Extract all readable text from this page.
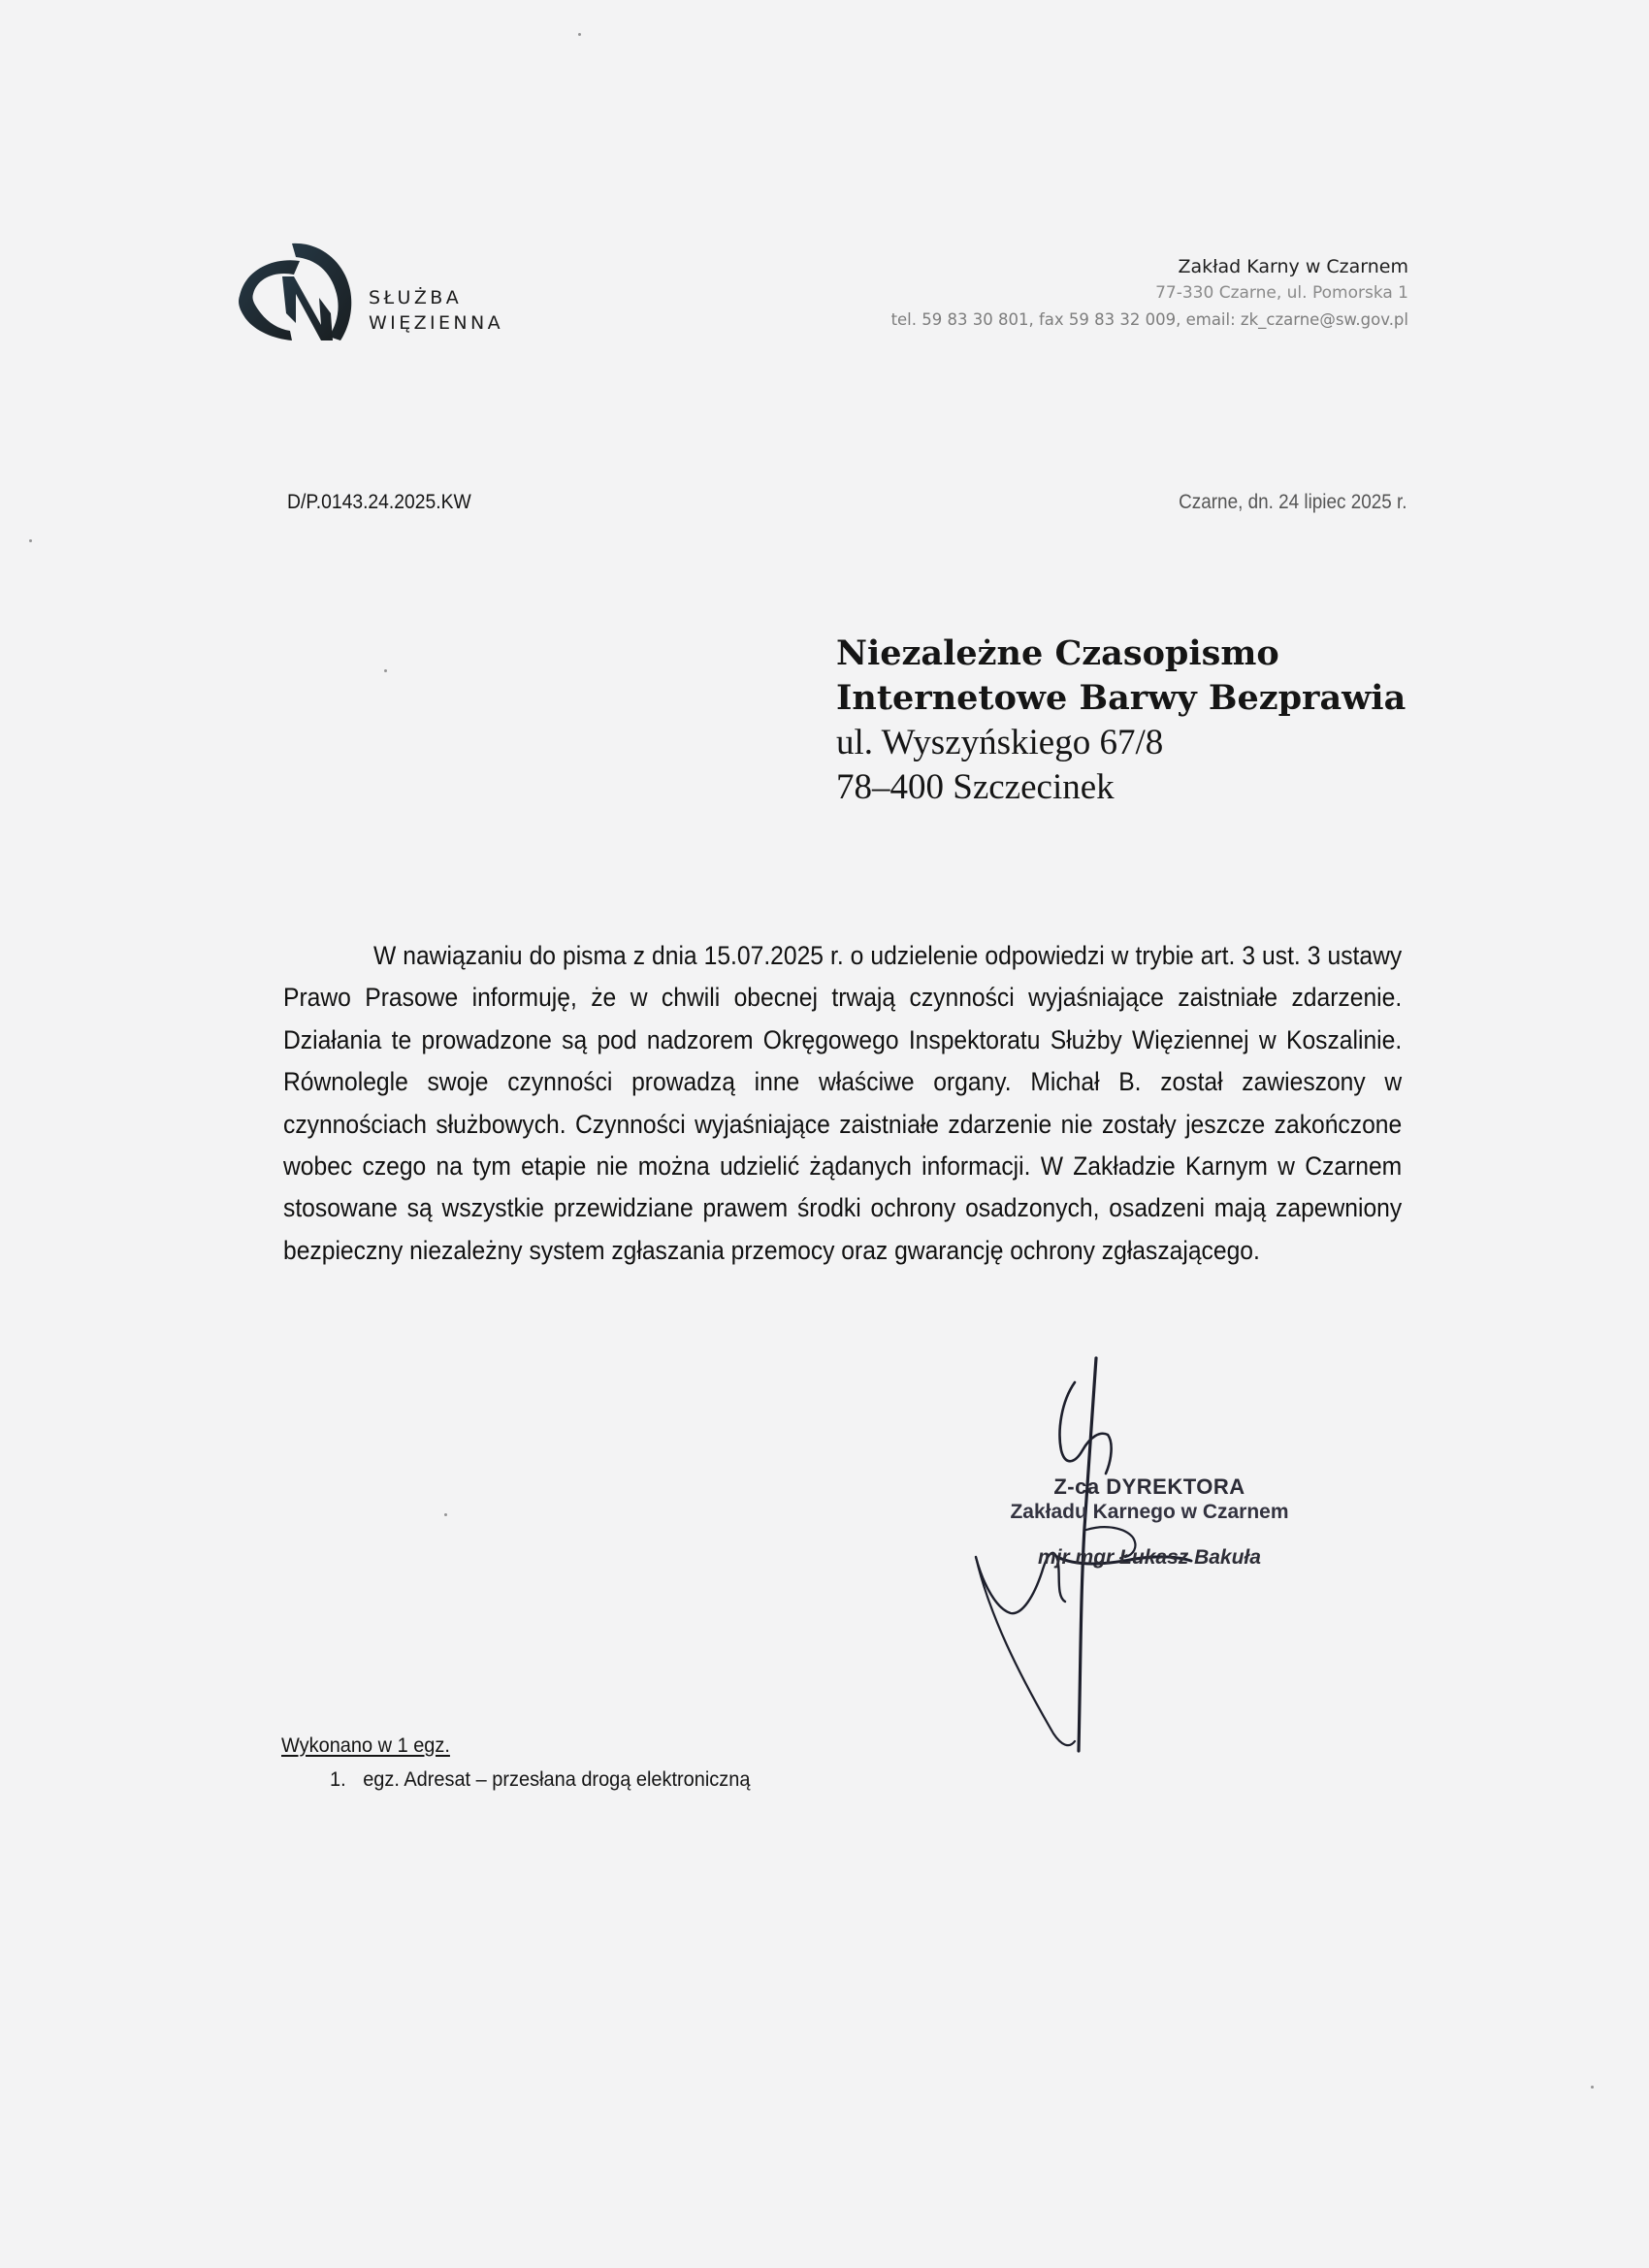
SŁUŻBA
WIĘZIENNA
Zakład Karny w Czarnem
77-330 Czarne, ul. Pomorska 1
tel. 59 83 30 801, fax 59 83 32 009, email: zk_czarne@sw.gov.pl
D/P.0143.24.2025.KW	Czarne, dn. 24 lipiec 2025 r.
Niezależne Czasopismo
Internetowe Barwy Bezprawia
ul. Wyszyńskiego 67/8
78–400 Szczecinek

W nawiązaniu do pisma z dnia 15.07.2025 r. o udzielenie odpowiedzi w trybie art. 3 ust. 3 ustawy Prawo Prasowe informuję, że w chwili obecnej trwają czynności wyjaśniające zaistniałe zdarzenie. Działania te prowadzone są pod nadzorem Okręgowego Inspektoratu Służby Więziennej w Koszalinie. Równolegle swoje czynności prowadzą inne właściwe organy. Michał B. został zawieszony w czynnościach służbowych. Czynności wyjaśniające zaistniałe zdarzenie nie zostały jeszcze zakończone wobec czego na tym etapie nie można udzielić żądanych informacji. W Zakładzie Karnym w Czarnem stosowane są wszystkie przewidziane prawem środki ochrony osadzonych, osadzeni mają zapewniony bezpieczny niezależny system zgłaszania przemocy oraz gwarancję ochrony zgłaszającego.

Z-ca DYREKTORA
Zakładu Karnego w Czarnem
mjr mgr Łukasz Bakuła
Wykonano w 1 egz.
1. egz. Adresat – przesłana drogą elektroniczną
